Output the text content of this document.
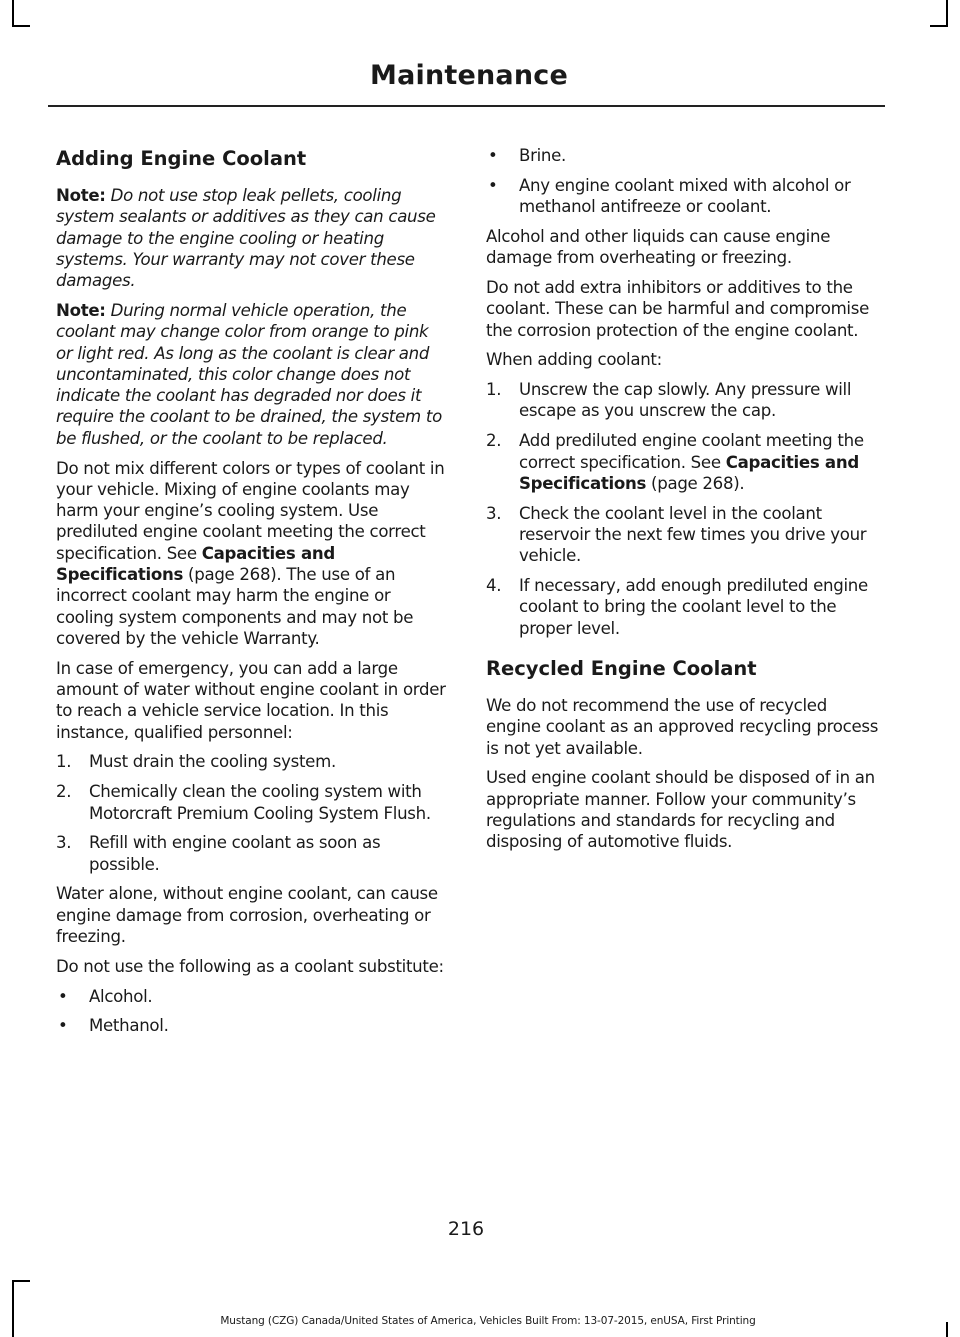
Maintenance
Adding Engine Coolant

Note: Do not use stop leak pellets, cooling system sealants or additives as they can cause damage to the engine cooling or heating systems. Your warranty may not cover these damages.

Note: During normal vehicle operation, the coolant may change color from orange to pink or light red. As long as the coolant is clear and uncontaminated, this color change does not indicate the coolant has degraded nor does it require the coolant to be drained, the system to be flushed, or the coolant to be replaced.

Do not mix different colors or types of coolant in your vehicle. Mixing of engine coolants may harm your engine’s cooling system. Use prediluted engine coolant meeting the correct specification. See Capacities and Specifications (page 268). The use of an incorrect coolant may harm the engine or cooling system components and may not be covered by the vehicle Warranty.

In case of emergency, you can add a large amount of water without engine coolant in order to reach a vehicle service location. In this instance, qualified personnel:

1. Must drain the cooling system.
2. Chemically clean the cooling system with Motorcraft Premium Cooling System Flush.
3. Refill with engine coolant as soon as possible.

Water alone, without engine coolant, can cause engine damage from corrosion, overheating or freezing.

Do not use the following as a coolant substitute:

• Alcohol.
• Methanol.
• Brine.
• Any engine coolant mixed with alcohol or methanol antifreeze or coolant.

Alcohol and other liquids can cause engine damage from overheating or freezing.

Do not add extra inhibitors or additives to the coolant. These can be harmful and compromise the corrosion protection of the engine coolant.

When adding coolant:

1. Unscrew the cap slowly. Any pressure will escape as you unscrew the cap.
2. Add prediluted engine coolant meeting the correct specification. See Capacities and Specifications (page 268).
3. Check the coolant level in the coolant reservoir the next few times you drive your vehicle.
4. If necessary, add enough prediluted engine coolant to bring the coolant level to the proper level.
Recycled Engine Coolant

We do not recommend the use of recycled engine coolant as an approved recycling process is not yet available.

Used engine coolant should be disposed of in an appropriate manner. Follow your community’s regulations and standards for recycling and disposing of automotive fluids.

216
Mustang (CZG) Canada/United States of America, Vehicles Built From: 13-07-2015, enUSA, First Printing
